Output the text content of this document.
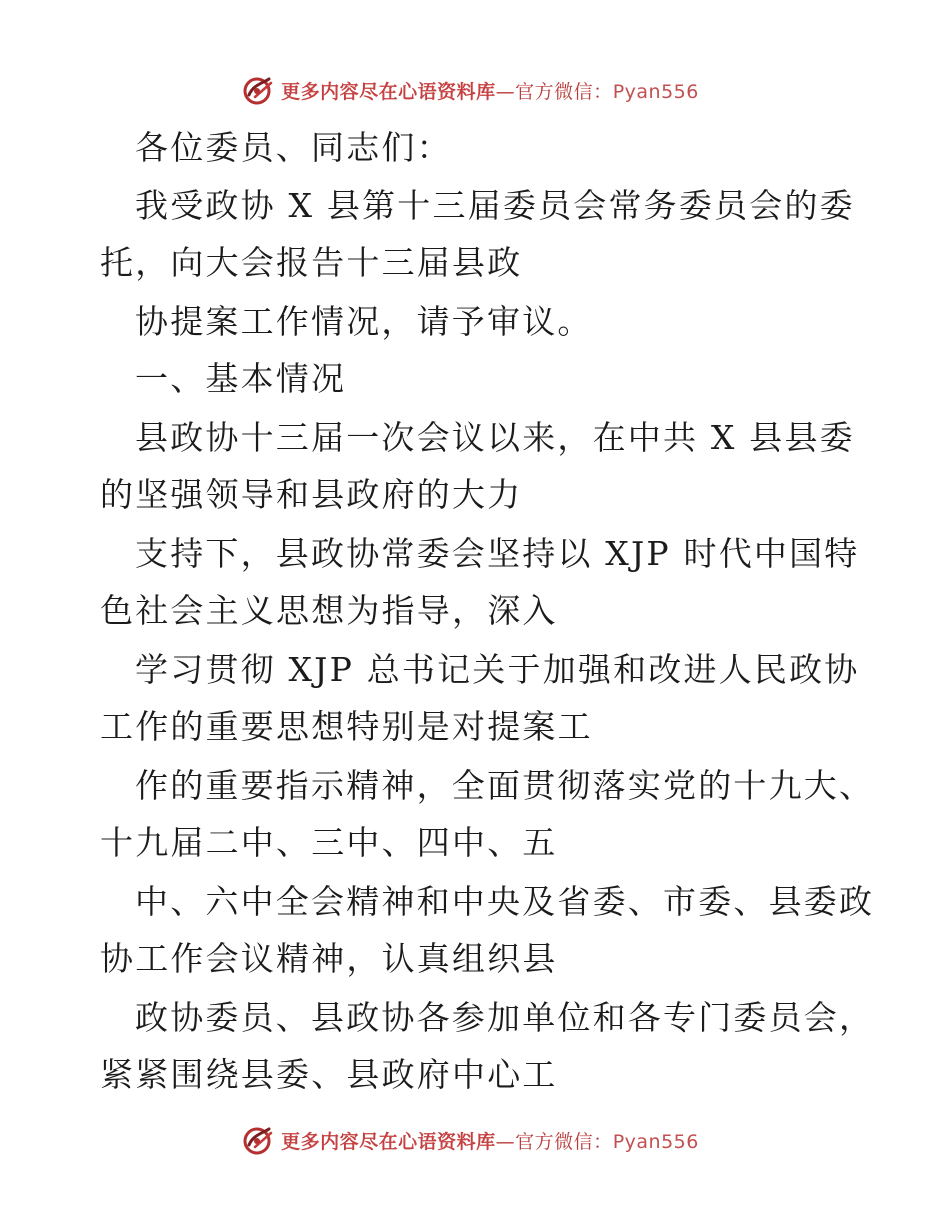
更多内容尽在心语资料库—官方微信：Pyan556
各位委员、同志们：
我受政协 X 县第十三届委员会常务委员会的委
托，向大会报告十三届县政
协提案工作情况，请予审议。
一、基本情况
县政协十三届一次会议以来，在中共 X 县县委
的坚强领导和县政府的大力
支持下，县政协常委会坚持以 XJP 时代中国特
色社会主义思想为指导，深入
学习贯彻 XJP 总书记关于加强和改进人民政协
工作的重要思想特别是对提案工
作的重要指示精神，全面贯彻落实党的十九大、
十九届二中、三中、四中、五
中、六中全会精神和中央及省委、市委、县委政
协工作会议精神，认真组织县
政协委员、县政协各参加单位和各专门委员会，
紧紧围绕县委、县政府中心工
更多内容尽在心语资料库—官方微信：Pyan556
